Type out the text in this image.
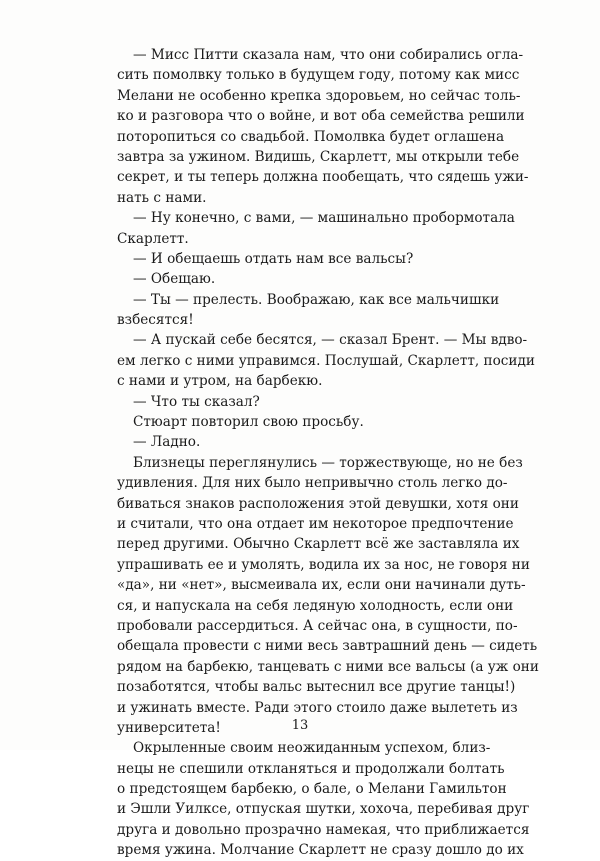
— Мисс Питти сказала нам, что они собирались огла-
сить помолвку только в будущем году, потому как мисс
Мелани не особенно крепка здоровьем, но сейчас толь-
ко и разговора что о войне, и вот оба семейства решили
поторопиться со свадьбой. Помолвка будет оглашена
завтра за ужином. Видишь, Скарлетт, мы открыли тебе
секрет, и ты теперь должна пообещать, что сядешь ужи-
нать с нами.
— Ну конечно, с вами, — машинально пробормотала
Скарлетт.
— И обещаешь отдать нам все вальсы?
— Обещаю.
— Ты — прелесть. Воображаю, как все мальчишки
взбесятся!
— А пускай себе бесятся, — сказал Брент. — Мы вдво-
ем легко с ними управимся. Послушай, Скарлетт, посиди
с нами и утром, на барбекю.
— Что ты сказал?
Стюарт повторил свою просьбу.
— Ладно.
Близнецы переглянулись — торжествующе, но не без
удивления. Для них было непривычно столь легко до-
биваться знаков расположения этой девушки, хотя они
и считали, что она отдает им некоторое предпочтение
перед другими. Обычно Скарлетт всё же заставляла их
упрашивать ее и умолять, водила их за нос, не говоря ни
«да», ни «нет», высмеивала их, если они начинали дуть-
ся, и напускала на себя ледяную холодность, если они
пробовали рассердиться. А сейчас она, в сущности, по-
обещала провести с ними весь завтрашний день — сидеть
рядом на барбекю, танцевать с ними все вальсы (а уж они
позаботятся, чтобы вальс вытеснил все другие танцы!)
и ужинать вместе. Ради этого стоило даже вылететь из
университета!
Окрыленные своим неожиданным успехом, близ-
нецы не спешили откланяться и продолжали болтать
о предстоящем барбекю, о бале, о Мелани Гамильтон
и Эшли Уилксе, отпуская шутки, хохоча, перебивая друг
друга и довольно прозрачно намекая, что приближается
время ужина. Молчание Скарлетт не сразу дошло до их
13
